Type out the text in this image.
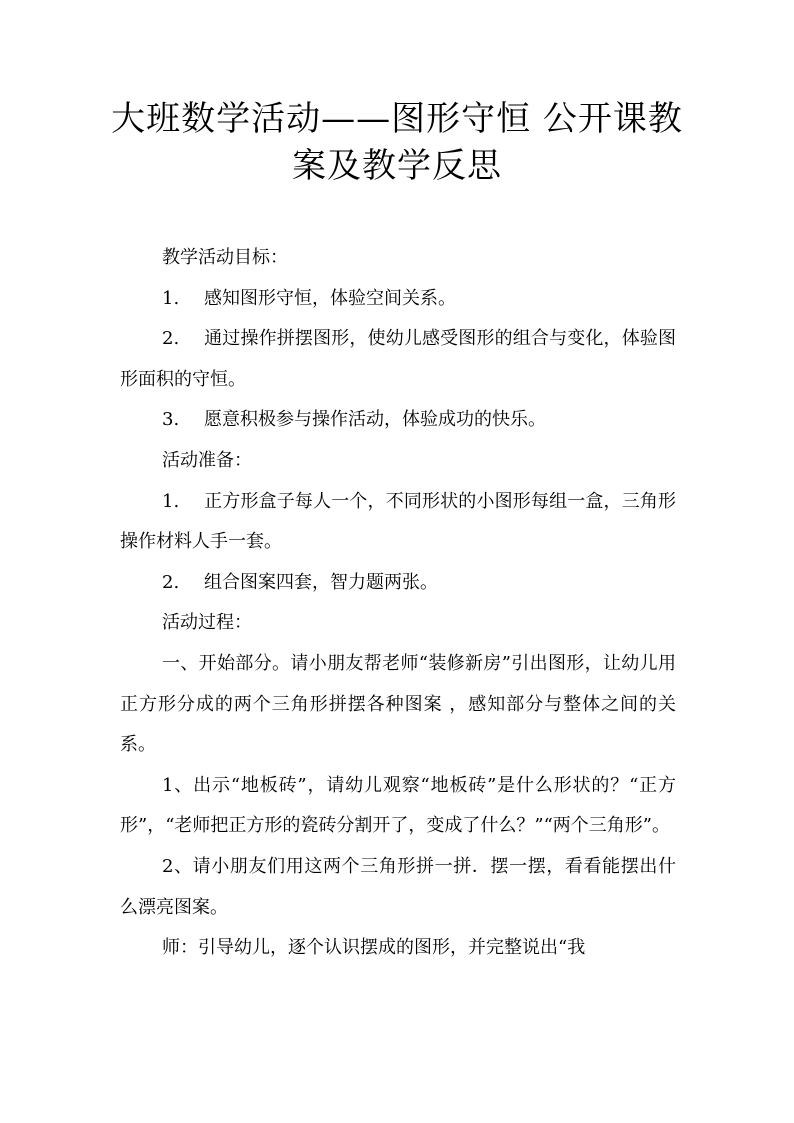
大班数学活动——图形守恒 公开课教
案及教学反思

教学活动目标：

1. 感知图形守恒，体验空间关系。

2. 通过操作拼摆图形，使幼儿感受图形的组合与变化，体验图形面积的守恒。

3. 愿意积极参与操作活动，体验成功的快乐。

活动准备：

1. 正方形盒子每人一个，不同形状的小图形每组一盒，三角形操作材料人手一套。

2. 组合图案四套，智力题两张。

活动过程：

一、开始部分。请小朋友帮老师“装修新房”引出图形，让幼儿用正方形分成的两个三角形拼摆各种图案 ，感知部分与整体之间的关系。

1、出示“地板砖”，请幼儿观察“地板砖”是什么形状的？“正方形”，“老师把正方形的瓷砖分割开了，变成了什么？”“两个三角形”。

2、请小朋友们用这两个三角形拼一拼．摆一摆，看看能摆出什么漂亮图案。

师：引导幼儿，逐个认识摆成的图形，并完整说出“我
